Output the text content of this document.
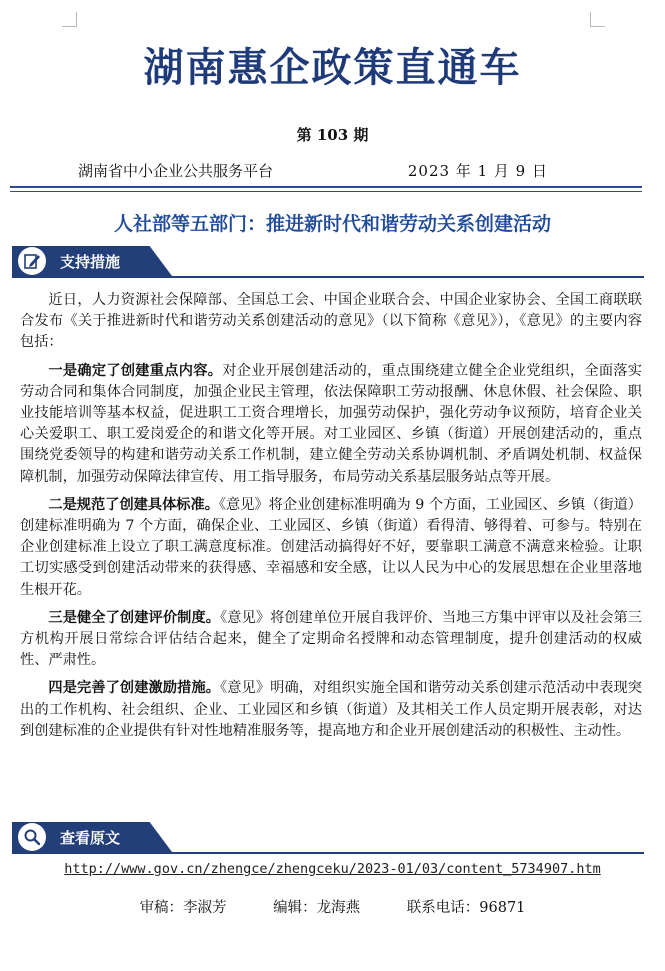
湖南惠企政策直通车
第 103 期
湖南省中小企业公共服务平台	2023 年 1 月 9 日
人社部等五部门：推进新时代和谐劳动关系创建活动
支持措施

近日，人力资源社会保障部、全国总工会、中国企业联合会、中国企业家协会、全国工商联联合发布《关于推进新时代和谐劳动关系创建活动的意见》（以下简称《意见》），《意见》的主要内容包括：

一是确定了创建重点内容。对企业开展创建活动的，重点围绕建立健全企业党组织，全面落实劳动合同和集体合同制度，加强企业民主管理，依法保障职工劳动报酬、休息休假、社会保险、职业技能培训等基本权益，促进职工工资合理增长，加强劳动保护，强化劳动争议预防，培育企业关心关爱职工、职工爱岗爱企的和谐文化等开展。对工业园区、乡镇（街道）开展创建活动的，重点围绕党委领导的构建和谐劳动关系工作机制，建立健全劳动关系协调机制、矛盾调处机制、权益保障机制，加强劳动保障法律宣传、用工指导服务，布局劳动关系基层服务站点等开展。

二是规范了创建具体标准。《意见》将企业创建标准明确为 9 个方面，工业园区、乡镇（街道）创建标准明确为 7 个方面，确保企业、工业园区、乡镇（街道）看得清、够得着、可参与。特别在企业创建标准上设立了职工满意度标准。创建活动搞得好不好，要靠职工满意不满意来检验。让职工切实感受到创建活动带来的获得感、幸福感和安全感，让以人民为中心的发展思想在企业里落地生根开花。

三是健全了创建评价制度。《意见》将创建单位开展自我评价、当地三方集中评审以及社会第三方机构开展日常综合评估结合起来，健全了定期命名授牌和动态管理制度，提升创建活动的权威性、严肃性。

四是完善了创建激励措施。《意见》明确，对组织实施全国和谐劳动关系创建示范活动中表现突出的工作机构、社会组织、企业、工业园区和乡镇（街道）及其相关工作人员定期开展表彰，对达到创建标准的企业提供有针对性地精准服务等，提高地方和企业开展创建活动的积极性、主动性。

查看原文
http://www.gov.cn/zhengce/zhengceku/2023-01/03/content_5734907.htm
审稿：李淑芳	编辑：龙海燕	联系电话：96871
